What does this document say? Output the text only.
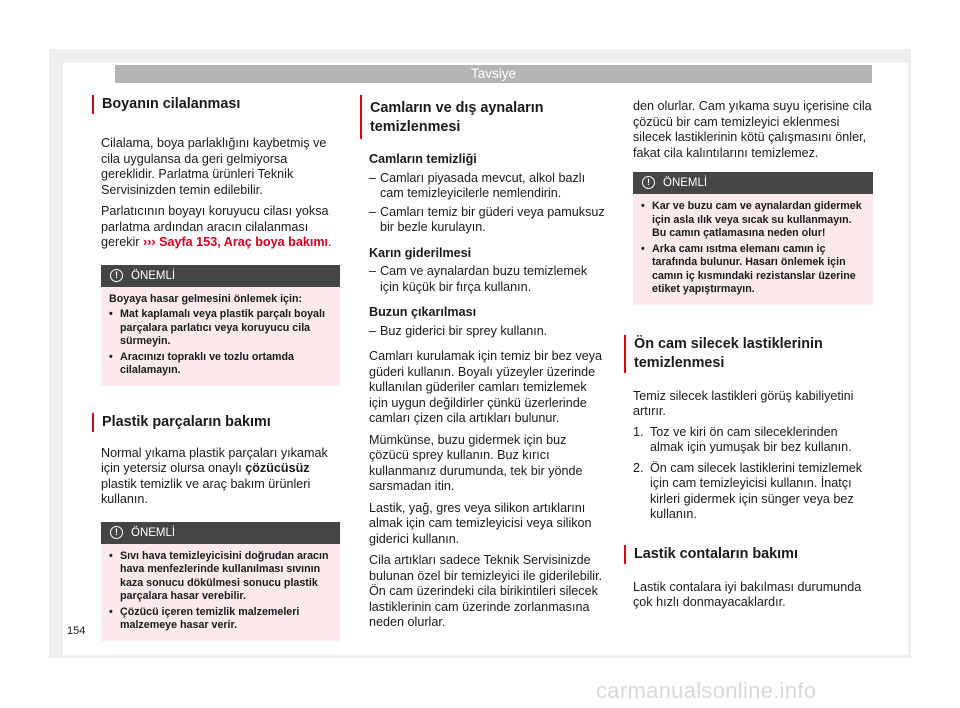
Tavsiye
Boyanın cilalanması

Cilalama, boya parlaklığını kaybetmiş ve cila uygulansa da geri gelmiyorsa gereklidir. Parlatma ürünleri Teknik Servisinizden temin edilebilir.

Parlatıcının boyayı koruyucu cilası yoksa parlatma ardından aracın cilalanması gerekir ››› Sayfa 153, Araç boya bakımı.

!	ÖNEMLİ

Boyaya hasar gelmesini önlemek için:

• Mat kaplamalı veya plastik parçalı boyalı parçalara parlatıcı veya koruyucu cila sürmeyin.

• Aracınızı topraklı ve tozlu ortamda cilalamayın.

Plastik parçaların bakımı

Normal yıkama plastik parçaları yıkamak için yetersiz olursa onaylı çözücüsüz plastik temizlik ve araç bakım ürünleri kullanın.

!	ÖNEMLİ

• Sıvı hava temizleyicisini doğrudan aracın hava menfezlerinde kullanılması sıvının kaza sonucu dökülmesi sonucu plastik parçalara hasar verebilir.

• Çözücü içeren temizlik malzemeleri malzemeye hasar verir.

Camların ve dış aynaların temizlenmesi

Camların temizliği

– Camları piyasada mevcut, alkol bazlı cam temizleyicilerle nemlendirin.

– Camları temiz bir güderi veya pamuksuz bir bezle kurulayın.

Karın giderilmesi

– Cam ve aynalardan buzu temizlemek için küçük bir fırça kullanın.

Buzun çıkarılması

– Buz giderici bir sprey kullanın.

Camları kurulamak için temiz bir bez veya güderi kullanın. Boyalı yüzeyler üzerinde kullanılan güderiler camları temizlemek için uygun değildirler çünkü üzerlerinde camları çizen cila artıkları bulunur.

Mümkünse, buzu gidermek için buz çözücü sprey kullanın. Buz kırıcı kullanmanız durumunda, tek bir yönde sarsmadan itin.

Lastik, yağ, gres veya silikon artıklarını almak için cam temizleyicisi veya silikon giderici kullanın.

Cila artıkları sadece Teknik Servisinizde bulunan özel bir temizleyici ile giderilebilir. Ön cam üzerindeki cila birikintileri silecek lastiklerinin cam üzerinde zorlanmasına neden olurlar.

den olurlar. Cam yıkama suyu içerisine cila çözücü bir cam temizleyici eklenmesi silecek lastiklerinin kötü çalışmasını önler, fakat cila kalıntılarını temizlemez.

!	ÖNEMLİ

• Kar ve buzu cam ve aynalardan gidermek için asla ılık veya sıcak su kullanmayın. Bu camın çatlamasına neden olur!

• Arka camı ısıtma elemanı camın iç tarafında bulunur. Hasarı önlemek için camın iç kısmındaki rezistanslar üzerine etiket yapıştırmayın.

Ön cam silecek lastiklerinin temizlenmesi

Temiz silecek lastikleri görüş kabiliyetini artırır.

1. Toz ve kiri ön cam sileceklerinden almak için yumuşak bir bez kullanın.

2. Ön cam silecek lastiklerini temizlemek için cam temizleyicisi kullanın. İnatçı kirleri gidermek için sünger veya bez kullanın.

Lastik contaların bakımı

Lastik contalara iyi bakılması durumunda çok hızlı donmayacaklardır.

154
carmanualsonline.info
